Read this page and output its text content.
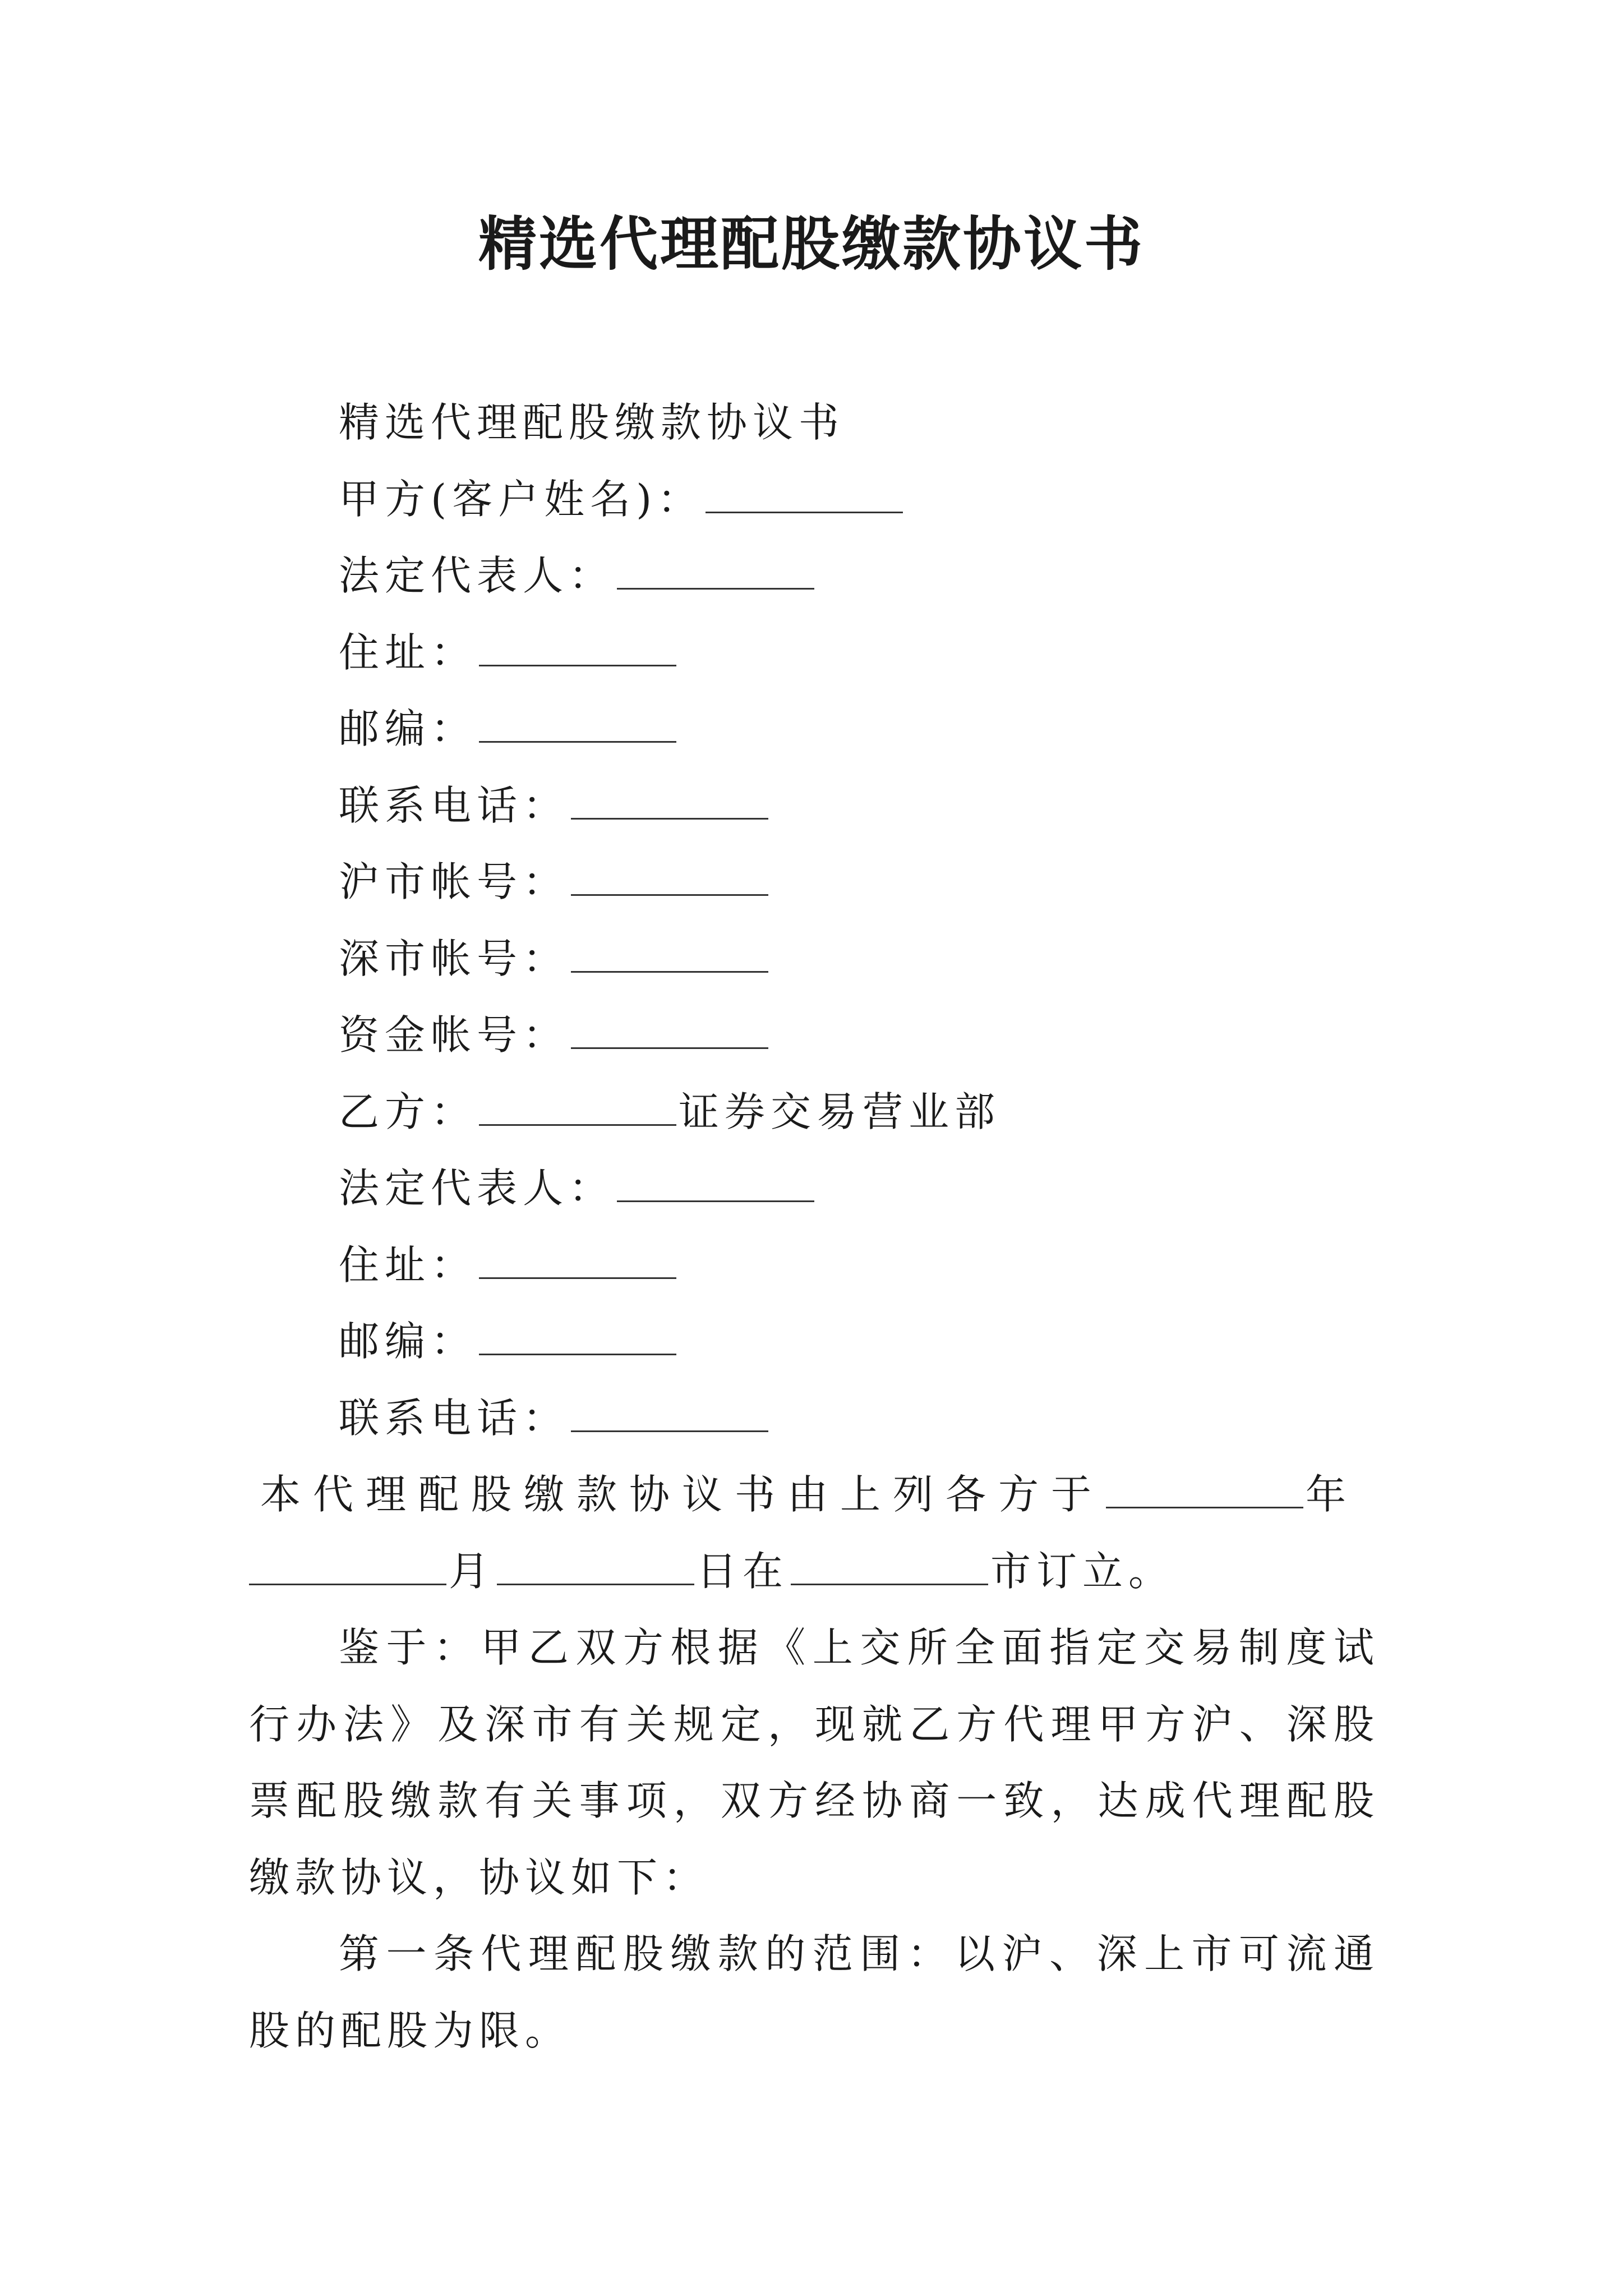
精选代理配股缴款协议书

精选代理配股缴款协议书

甲方(客户姓名)：

法定代表人：

住址：

邮编：

联系电话：

沪市帐号：

深市帐号：

资金帐号：

乙方：	证券交易营业部

法定代表人：

住址：

邮编：

联系电话：

本代理配股缴款协议书由上列各方于	年
月	日在	市订立。

鉴于：甲乙双方根据《上交所全面指定交易制度试行办法》及深市有关规定，现就乙方代理甲方沪、深股票配股缴款有关事项，双方经协商一致，达成代理配股缴款协议，协议如下：

第一条代理配股缴款的范围：以沪、深上市可流通股的配股为限。
